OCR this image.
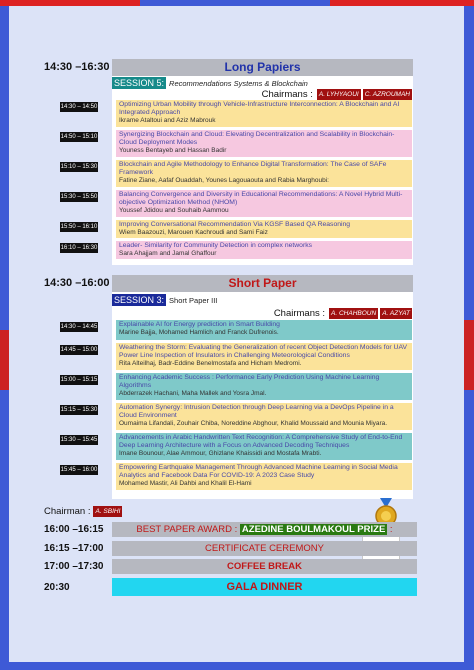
14:30 –16:30	Long Papiers
SESSION 5: Recommendations Systems & Blockchain
Chairmans : A. LYHYAOUI C. AZROUMAH
14:30 – 14:50	Optimizing Urban Mobility through Vehicle-Infrastructure Interconnection: A Blockchain and AI Integrated Approach
Ikrame Ataltoui and Aziz Mabrouk
14:50 – 15:10	Synergizing Blockchain and Cloud: Elevating Decentralization and Scalability in Blockchain-Cloud Deployment Modes
Youness Bentayeb and Hassan Badir
15:10 – 15:30	Blockchain and Agile Methodology to Enhance Digital Transformation: The Case of SAFe Framework
Fatine Ziane, Aafaf Ouaddah, Younes Lagouaouta and Rabia Marghoubi:
15:30 – 15:50	Balancing Convergence and Diversity in Educational Recommendations: A Novel Hybrid Multi-objective Optimization Method (NHOM)
Youssef Jdidou and Souhaib Aammou
15:50 – 16:10	Improving Conversational Recommendation Via KGSF Based QA Reasoning
Wiem Baazouzi, Marouen Kachroudi and Sami Faiz
16:10 – 16:30	Leader- Similarity for Community Detection in complex networks
Sara Ahajjam and Jamal Ghaffour
14:30 –16:00	Short Paper
SESSION 3: Short Paper III
Chairmans : A. CHAHBOUN A. AZYAT
14:30 – 14:45	Explainable AI for Energy prediction in Smart Building
Marine Bajja, Mohamed Hamlich and Franck Dufrenois.
14:45 – 15:00	Weathering the Storm: Evaluating the Generalization of recent Object Detection Models for UAV Power Line Inspection of Insulators in Challenging Meteorological Conditions
Rita Alteilhaj, Badr-Eddine Benelmostafa and Hicham Medromi.
15:00 – 15:15	Enhancing Academic Success : Performance Early Prediction Using Machine Learning Algorithms
Abderrazek Hachani, Maha Mallek and Yosra Jmal.
15:15 – 15:30	Automation Synergy: Intrusion Detection through Deep Learning via a DevOps Pipeline in a Cloud Environment
Oumaima Lifandali, Zouhair Chiba, Noreddine Abghour, Khalid Moussaid and Mounia Miyara.
15:30 – 15:45	Advancements in Arabic Handwritten Text Recognition: A Comprehensive Study of End-to-End Deep Learning Architecture with a Focus on Advanced Decoding Techniques
Imane Bounour, Alae Ammour, Ghizlane Khaissidi and Mostafa Mrabti.
15:45 – 16:00	Empowering Earthquake Management Through Advanced Machine Learning in Social Media Analytics and Facebook Data For COVID-19: A 2023 Case Study
Mohamed Mastir, Ali Dahbi and Khalil El-Hami
Chairman : A. SBIHI
16:00 –16:15	BEST PAPER AWARD : AZEDINE BOULMAKOUL PRIZE :
16:15 –17:00	CERTIFICATE CEREMONY
17:00 –17:30	COFFEE BREAK
20:30	GALA DINNER
